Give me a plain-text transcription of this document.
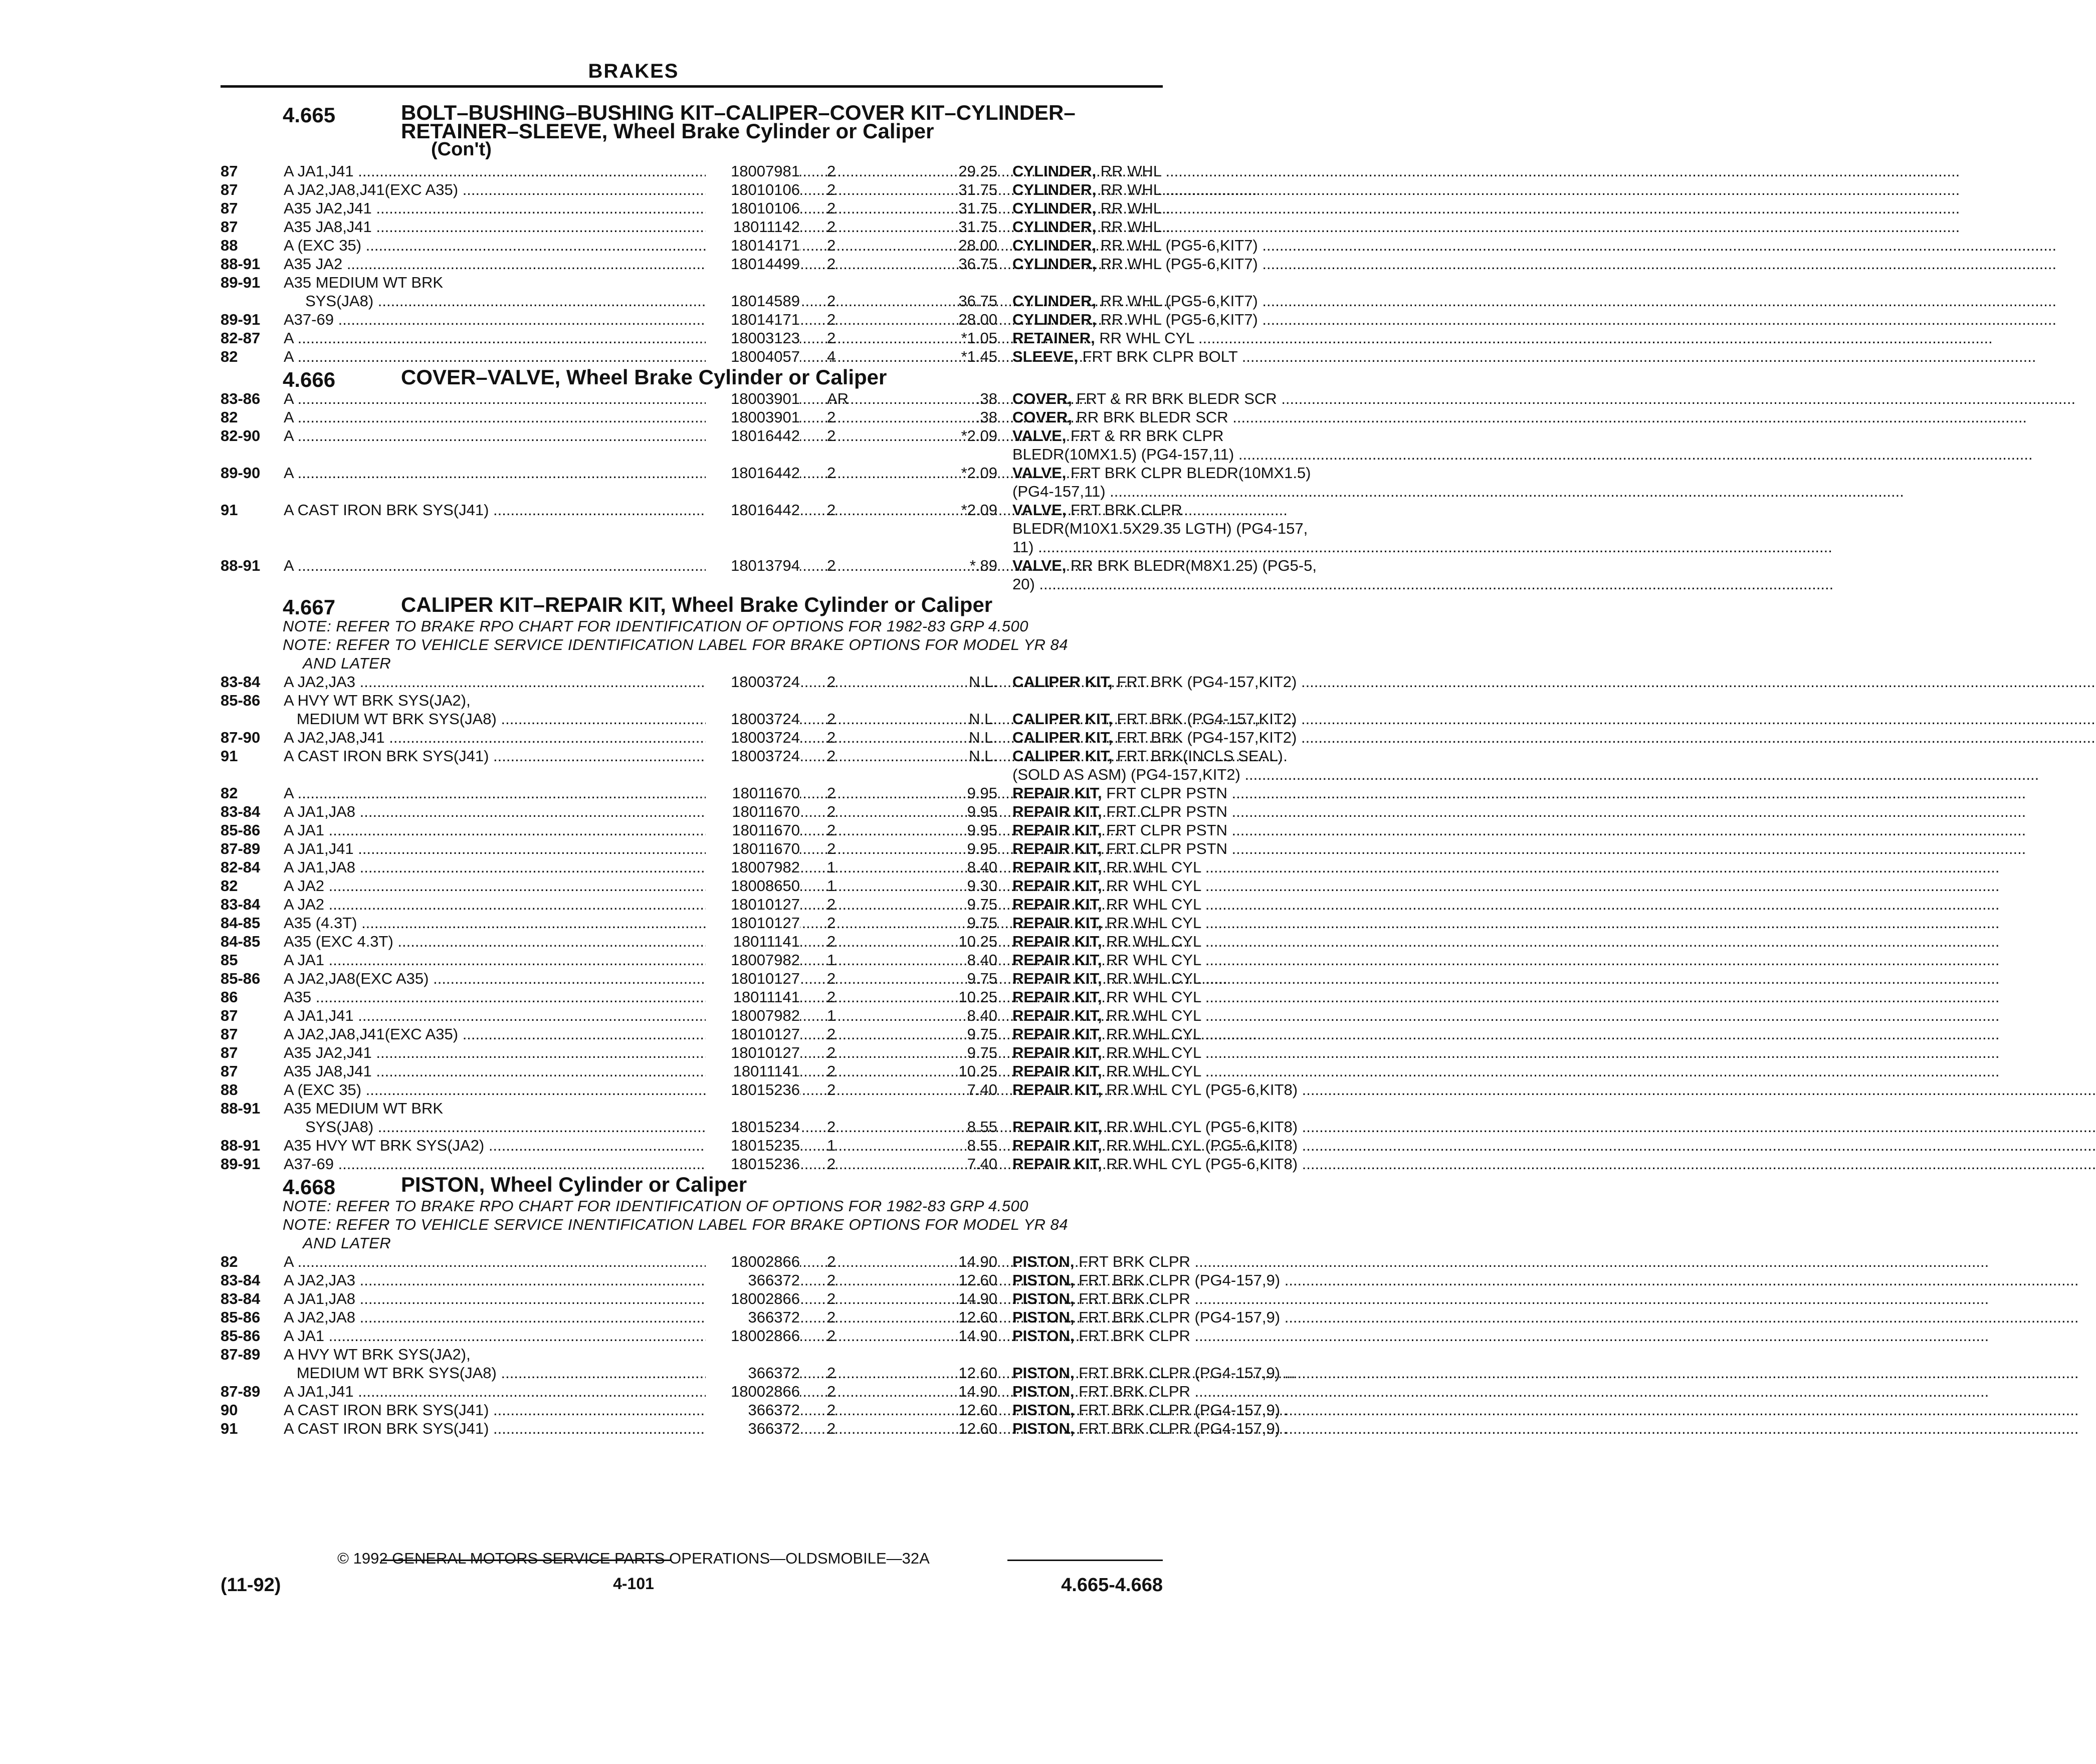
BRAKES
4.665	BOLT–BUSHING–BUSHING KIT–CALIPER–COVER KIT–CYLINDER–RETAINER–SLEEVE, Wheel Brake Cylinder or Caliper
(Con't)
87	A JA1,J41 .....	18007981 2	29.25 CYLINDER, RR WHL .....
87	A JA2,JA8,J41(EXC A35) .....	18010106 2	31.75 CYLINDER, RR WHL .....
87	A35 JA2,J41 .....	18010106 2	31.75 CYLINDER, RR WHL .....
87	A35 JA8,J41 .....	18011142 2	31.75 CYLINDER, RR WHL .....
88	A (EXC 35) .....	18014171 2	28.00 CYLINDER, RR WHL (PG5-6,KIT7) .....
88-91	A35 JA2 .....	18014499 2	36.75 CYLINDER, RR WHL (PG5-6,KIT7) .....
89-91	A35 MEDIUM WT BRK
SYS(JA8) .....	18014589 2	36.75 CYLINDER, RR WHL (PG5-6,KIT7) .....
89-91	A37-69 .....	18014171 2	28.00 CYLINDER, RR WHL (PG5-6,KIT7) .....
82-87	A .....	18003123 2	*1.05 RETAINER, RR WHL CYL .....
82	A .....	18004057 4	*1.45 SLEEVE, FRT BRK CLPR BOLT .....
4.666	COVER–VALVE, Wheel Brake Cylinder or Caliper
83-86	A .....	18003901 AR	.38 COVER, FRT & RR BRK BLEDR SCR .....
82	A .....	18003901 2	.38 COVER, RR BRK BLEDR SCR .....
82-90	A .....	18016442 2	*2.09 VALVE, FRT & RR BRK CLPR
BLEDR(10MX1.5) (PG4-157,11) .....
89-90	A .....	18016442 2	*2.09 VALVE, FRT BRK CLPR BLEDR(10MX1.5)
(PG4-157,11) .....
91	A CAST IRON BRK SYS(J41) .....	18016442 2	*2.09 VALVE, FRT BRK CLPR
BLEDR(M10X1.5X29.35 LGTH) (PG4-157,
11) .....
88-91	A .....	18013794 2	*.89 VALVE, RR BRK BLEDR(M8X1.25) (PG5-5,
20) .....
4.667	CALIPER KIT–REPAIR KIT, Wheel Brake Cylinder or Caliper
NOTE: REFER TO BRAKE RPO CHART FOR IDENTIFICATION OF OPTIONS FOR 1982-83 GRP 4.500
NOTE: REFER TO VEHICLE SERVICE IDENTIFICATION LABEL FOR BRAKE OPTIONS FOR MODEL YR 84
AND LATER
83-84	A JA2,JA3 .....	18003724 2	N.L. CALIPER KIT, FRT BRK (PG4-157,KIT2) .....
85-86	A HVY WT BRK SYS(JA2),
MEDIUM WT BRK SYS(JA8) .....	18003724 2	N.L. CALIPER KIT, FRT BRK (PG4-157,KIT2) .....
87-90	A JA2,JA8,J41 .....	18003724 2	N.L. CALIPER KIT, FRT BRK (PG4-157,KIT2) .....
91	A CAST IRON BRK SYS(J41) .....	18003724 2	N.L. CALIPER KIT, FRT BRK(INCLS SEAL)
(SOLD AS ASM) (PG4-157,KIT2) .....
82	A .....	18011670 2	9.95 REPAIR KIT, FRT CLPR PSTN .....
83-84	A JA1,JA8 .....	18011670 2	9.95 REPAIR KIT, FRT CLPR PSTN .....
85-86	A JA1 .....	18011670 2	9.95 REPAIR KIT, FRT CLPR PSTN .....
87-89	A JA1,J41 .....	18011670 2	9.95 REPAIR KIT, FRT CLPR PSTN .....
82-84	A JA1,JA8 .....	18007982 1	8.40 REPAIR KIT, RR WHL CYL .....
82	A JA2 .....	18008650 1	9.30 REPAIR KIT, RR WHL CYL .....
83-84	A JA2 .....	18010127 2	9.75 REPAIR KIT, RR WHL CYL .....
84-85	A35 (4.3T) .....	18010127 2	9.75 REPAIR KIT, RR WHL CYL .....
84-85	A35 (EXC 4.3T) .....	18011141 2	10.25 REPAIR KIT, RR WHL CYL .....
85	A JA1 .....	18007982 1	8.40 REPAIR KIT, RR WHL CYL .....
85-86	A JA2,JA8(EXC A35) .....	18010127 2	9.75 REPAIR KIT, RR WHL CYL .....
86	A35 .....	18011141 2	10.25 REPAIR KIT, RR WHL CYL .....
87	A JA1,J41 .....	18007982 1	8.40 REPAIR KIT, RR WHL CYL .....
87	A JA2,JA8,J41(EXC A35) .....	18010127 2	9.75 REPAIR KIT, RR WHL CYL .....
87	A35 JA2,J41 .....	18010127 2	9.75 REPAIR KIT, RR WHL CYL .....
87	A35 JA8,J41 .....	18011141 2	10.25 REPAIR KIT, RR WHL CYL .....
88	A (EXC 35) .....	18015236 2	7.40 REPAIR KIT, RR WHL CYL (PG5-6,KIT8) .....
88-91	A35 MEDIUM WT BRK
SYS(JA8) .....	18015234 2	8.55 REPAIR KIT, RR WHL CYL (PG5-6,KIT8) .....
88-91	A35 HVY WT BRK SYS(JA2) .....	18015235 1	8.55 REPAIR KIT, RR WHL CYL (PG5-6,KIT8) .....
89-91	A37-69 .....	18015236 2	7.40 REPAIR KIT, RR WHL CYL (PG5-6,KIT8) .....
4.668	PISTON, Wheel Cylinder or Caliper
NOTE: REFER TO BRAKE RPO CHART FOR IDENTIFICATION OF OPTIONS FOR 1982-83 GRP 4.500
NOTE: REFER TO VEHICLE SERVICE INENTIFICATION LABEL FOR BRAKE OPTIONS FOR MODEL YR 84
AND LATER
82	A .....	18002866 2	14.90 PISTON, FRT BRK CLPR .....
83-84	A JA2,JA3 .....	366372 2	12.60 PISTON, FRT BRK CLPR (PG4-157,9) .....
83-84	A JA1,JA8 .....	18002866 2	14.90 PISTON, FRT BRK CLPR .....
85-86	A JA2,JA8 .....	366372 2	12.60 PISTON, FRT BRK CLPR (PG4-157,9) .....
85-86	A JA1 .....	18002866 2	14.90 PISTON, FRT BRK CLPR .....
87-89	A HVY WT BRK SYS(JA2),
MEDIUM WT BRK SYS(JA8) .....	366372 2	12.60 PISTON, FRT BRK CLPR (PG4-157,9) .....
87-89	A JA1,J41 .....	18002866 2	14.90 PISTON, FRT BRK CLPR .....
90	A CAST IRON BRK SYS(J41) .....	366372 2	12.60 PISTON, FRT BRK CLPR (PG4-157,9) .....
91	A CAST IRON BRK SYS(J41) .....	366372 2	12.60 PISTON, FRT BRK CLPR (PG4-157,9) .....
© 1992 GENERAL MOTORS SERVICE PARTS OPERATIONS—OLDSMOBILE—32A
(11-92)	4-101	4.665-4.668
